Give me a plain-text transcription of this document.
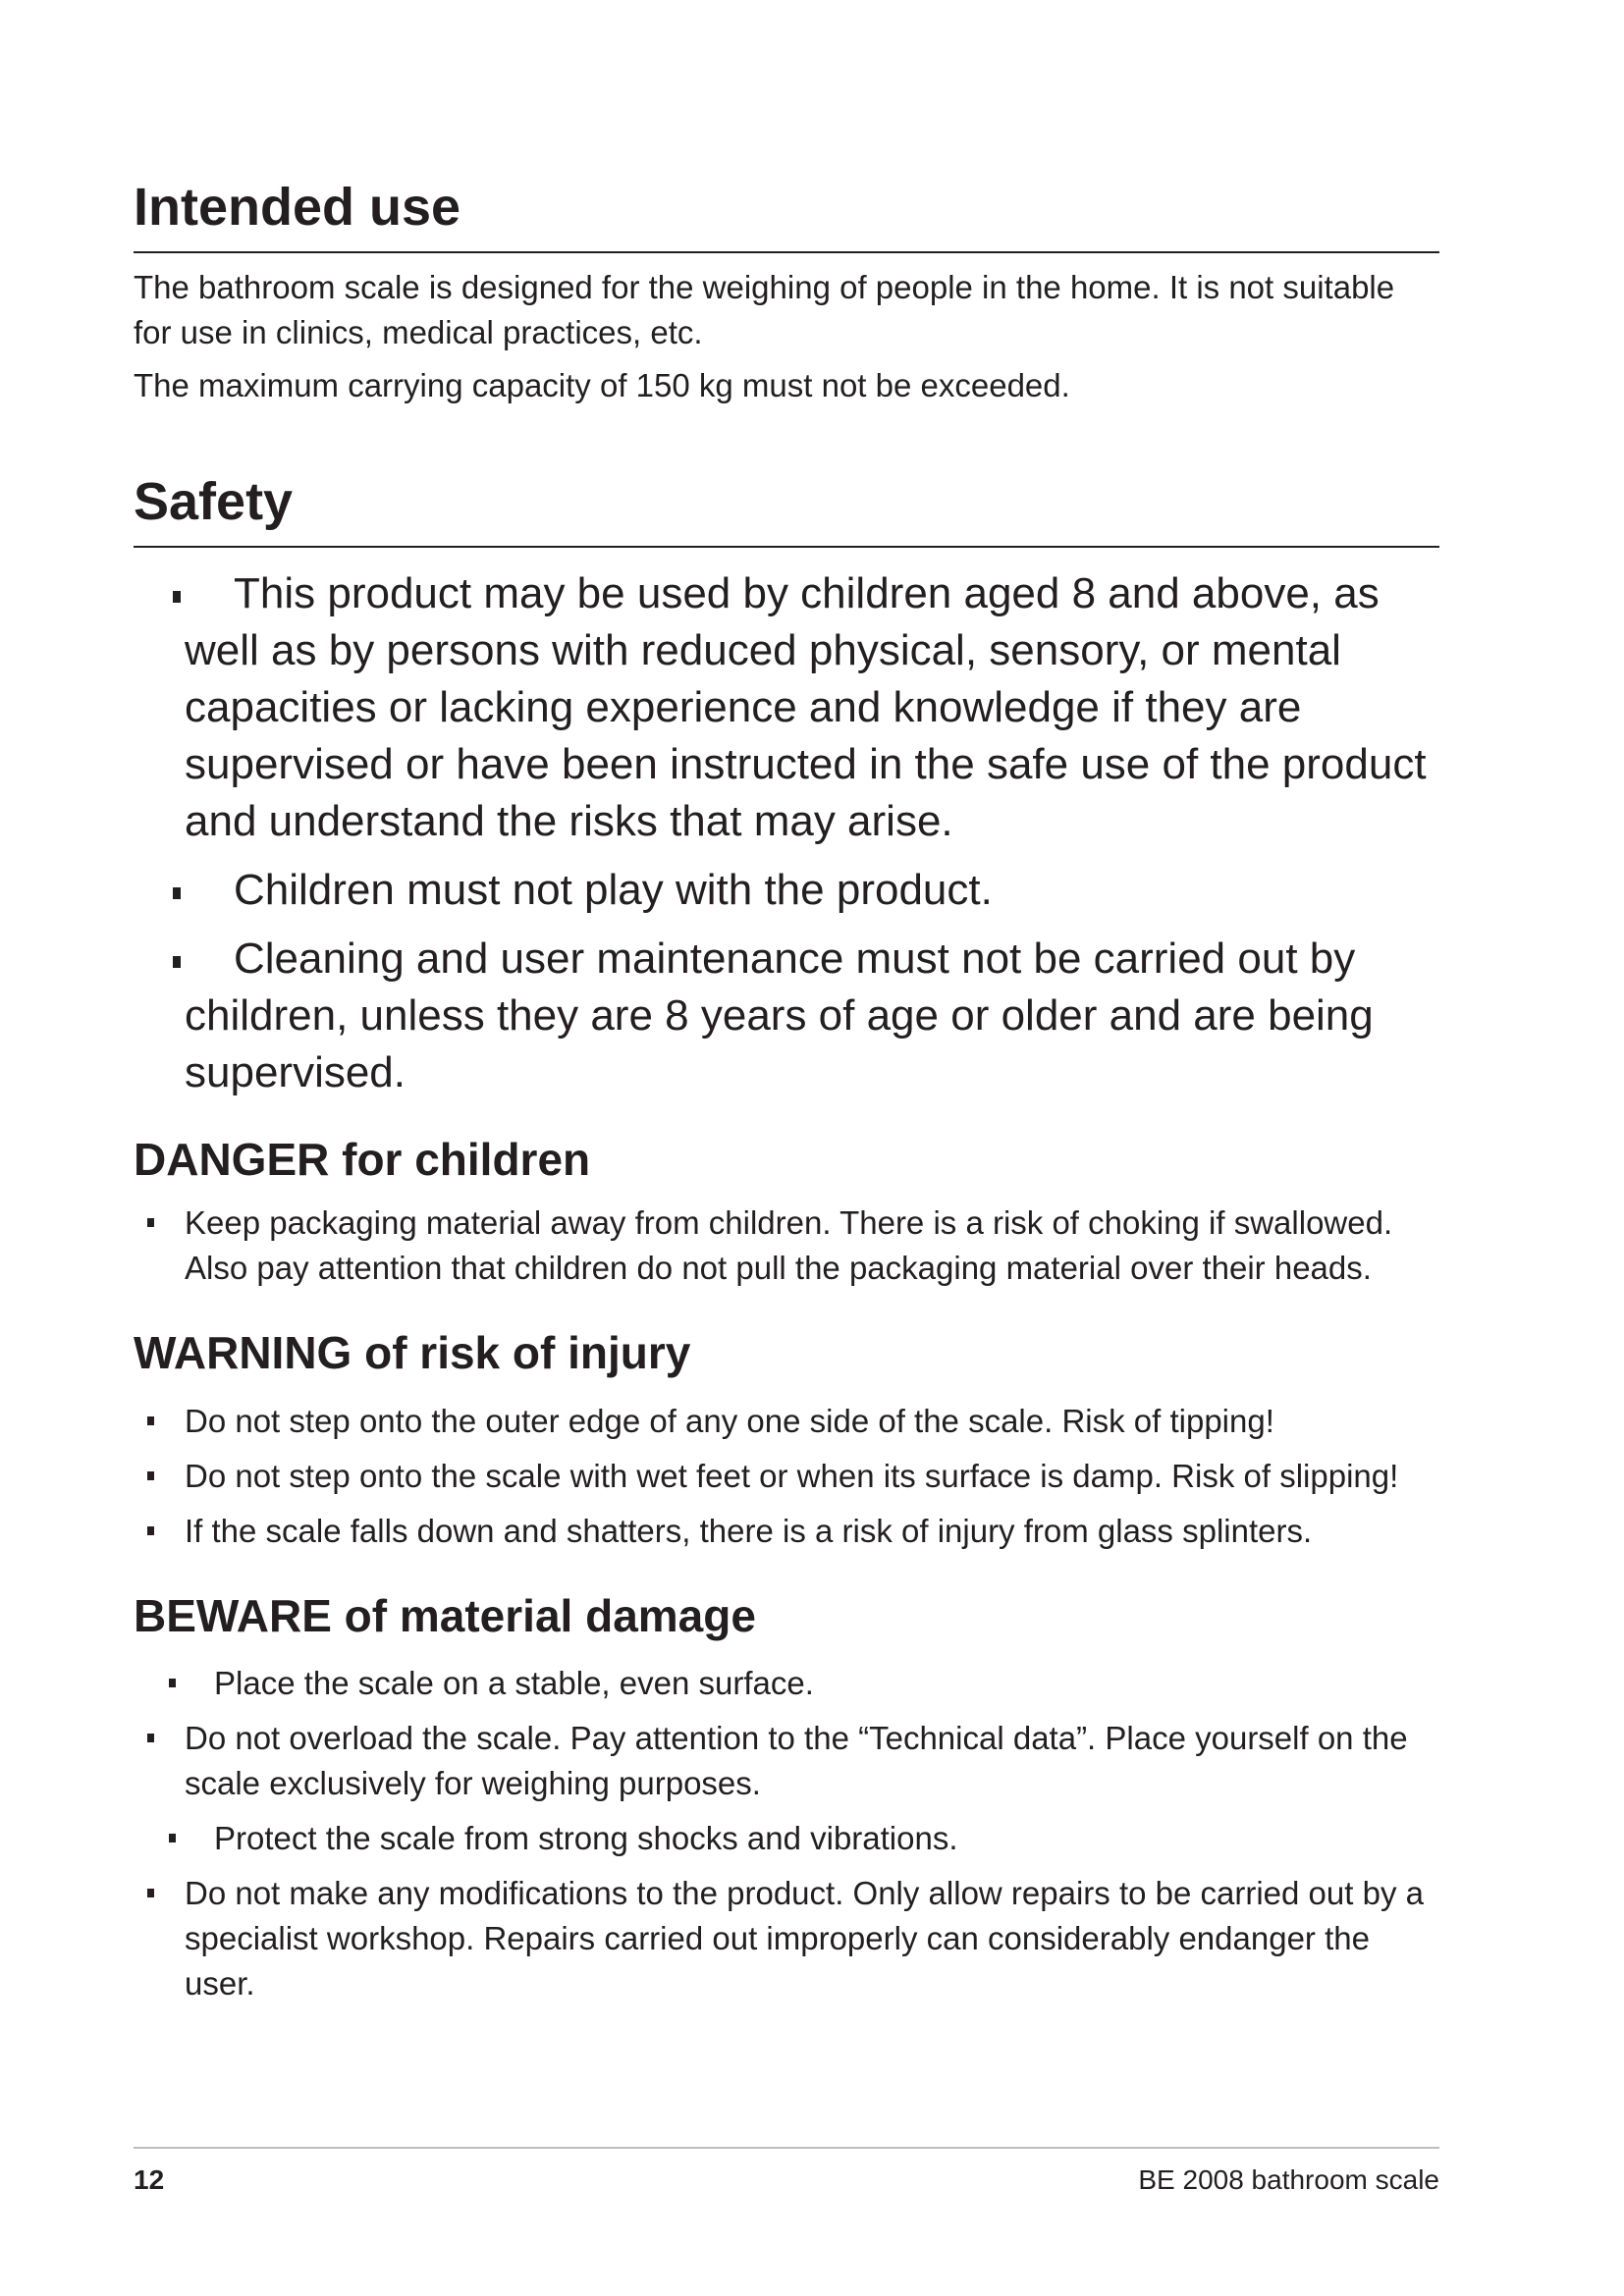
Intended use

The bathroom scale is designed for the weighing of people in the home. It is not suitable for use in clinics, medical practices, etc.

The maximum carrying capacity of 150 kg must not be exceeded.

Safety
This product may be used by children aged 8 and above, as well as by persons with reduced physical, sensory, or mental capacities or lacking experience and knowledge if they are supervised or have been instructed in the safe use of the product and understand the risks that may arise.
Children must not play with the product.
Cleaning and user maintenance must not be carried out by children, unless they are 8 years of age or older and are being supervised.
DANGER for children
Keep packaging material away from children. There is a risk of choking if swallowed. Also pay attention that children do not pull the packaging material over their heads.
WARNING of risk of injury
Do not step onto the outer edge of any one side of the scale. Risk of tipping!
Do not step onto the scale with wet feet or when its surface is damp. Risk of slipping!
If the scale falls down and shatters, there is a risk of injury from glass splinters.
BEWARE of material damage
Place the scale on a stable, even surface.
Do not overload the scale. Pay attention to the “Technical data”. Place yourself on the scale exclusively for weighing purposes.
Protect the scale from strong shocks and vibrations.
Do not make any modifications to the product. Only allow repairs to be carried out by a specialist workshop. Repairs carried out improperly can considerably endanger the user.
12	BE 2008 bathroom scale
